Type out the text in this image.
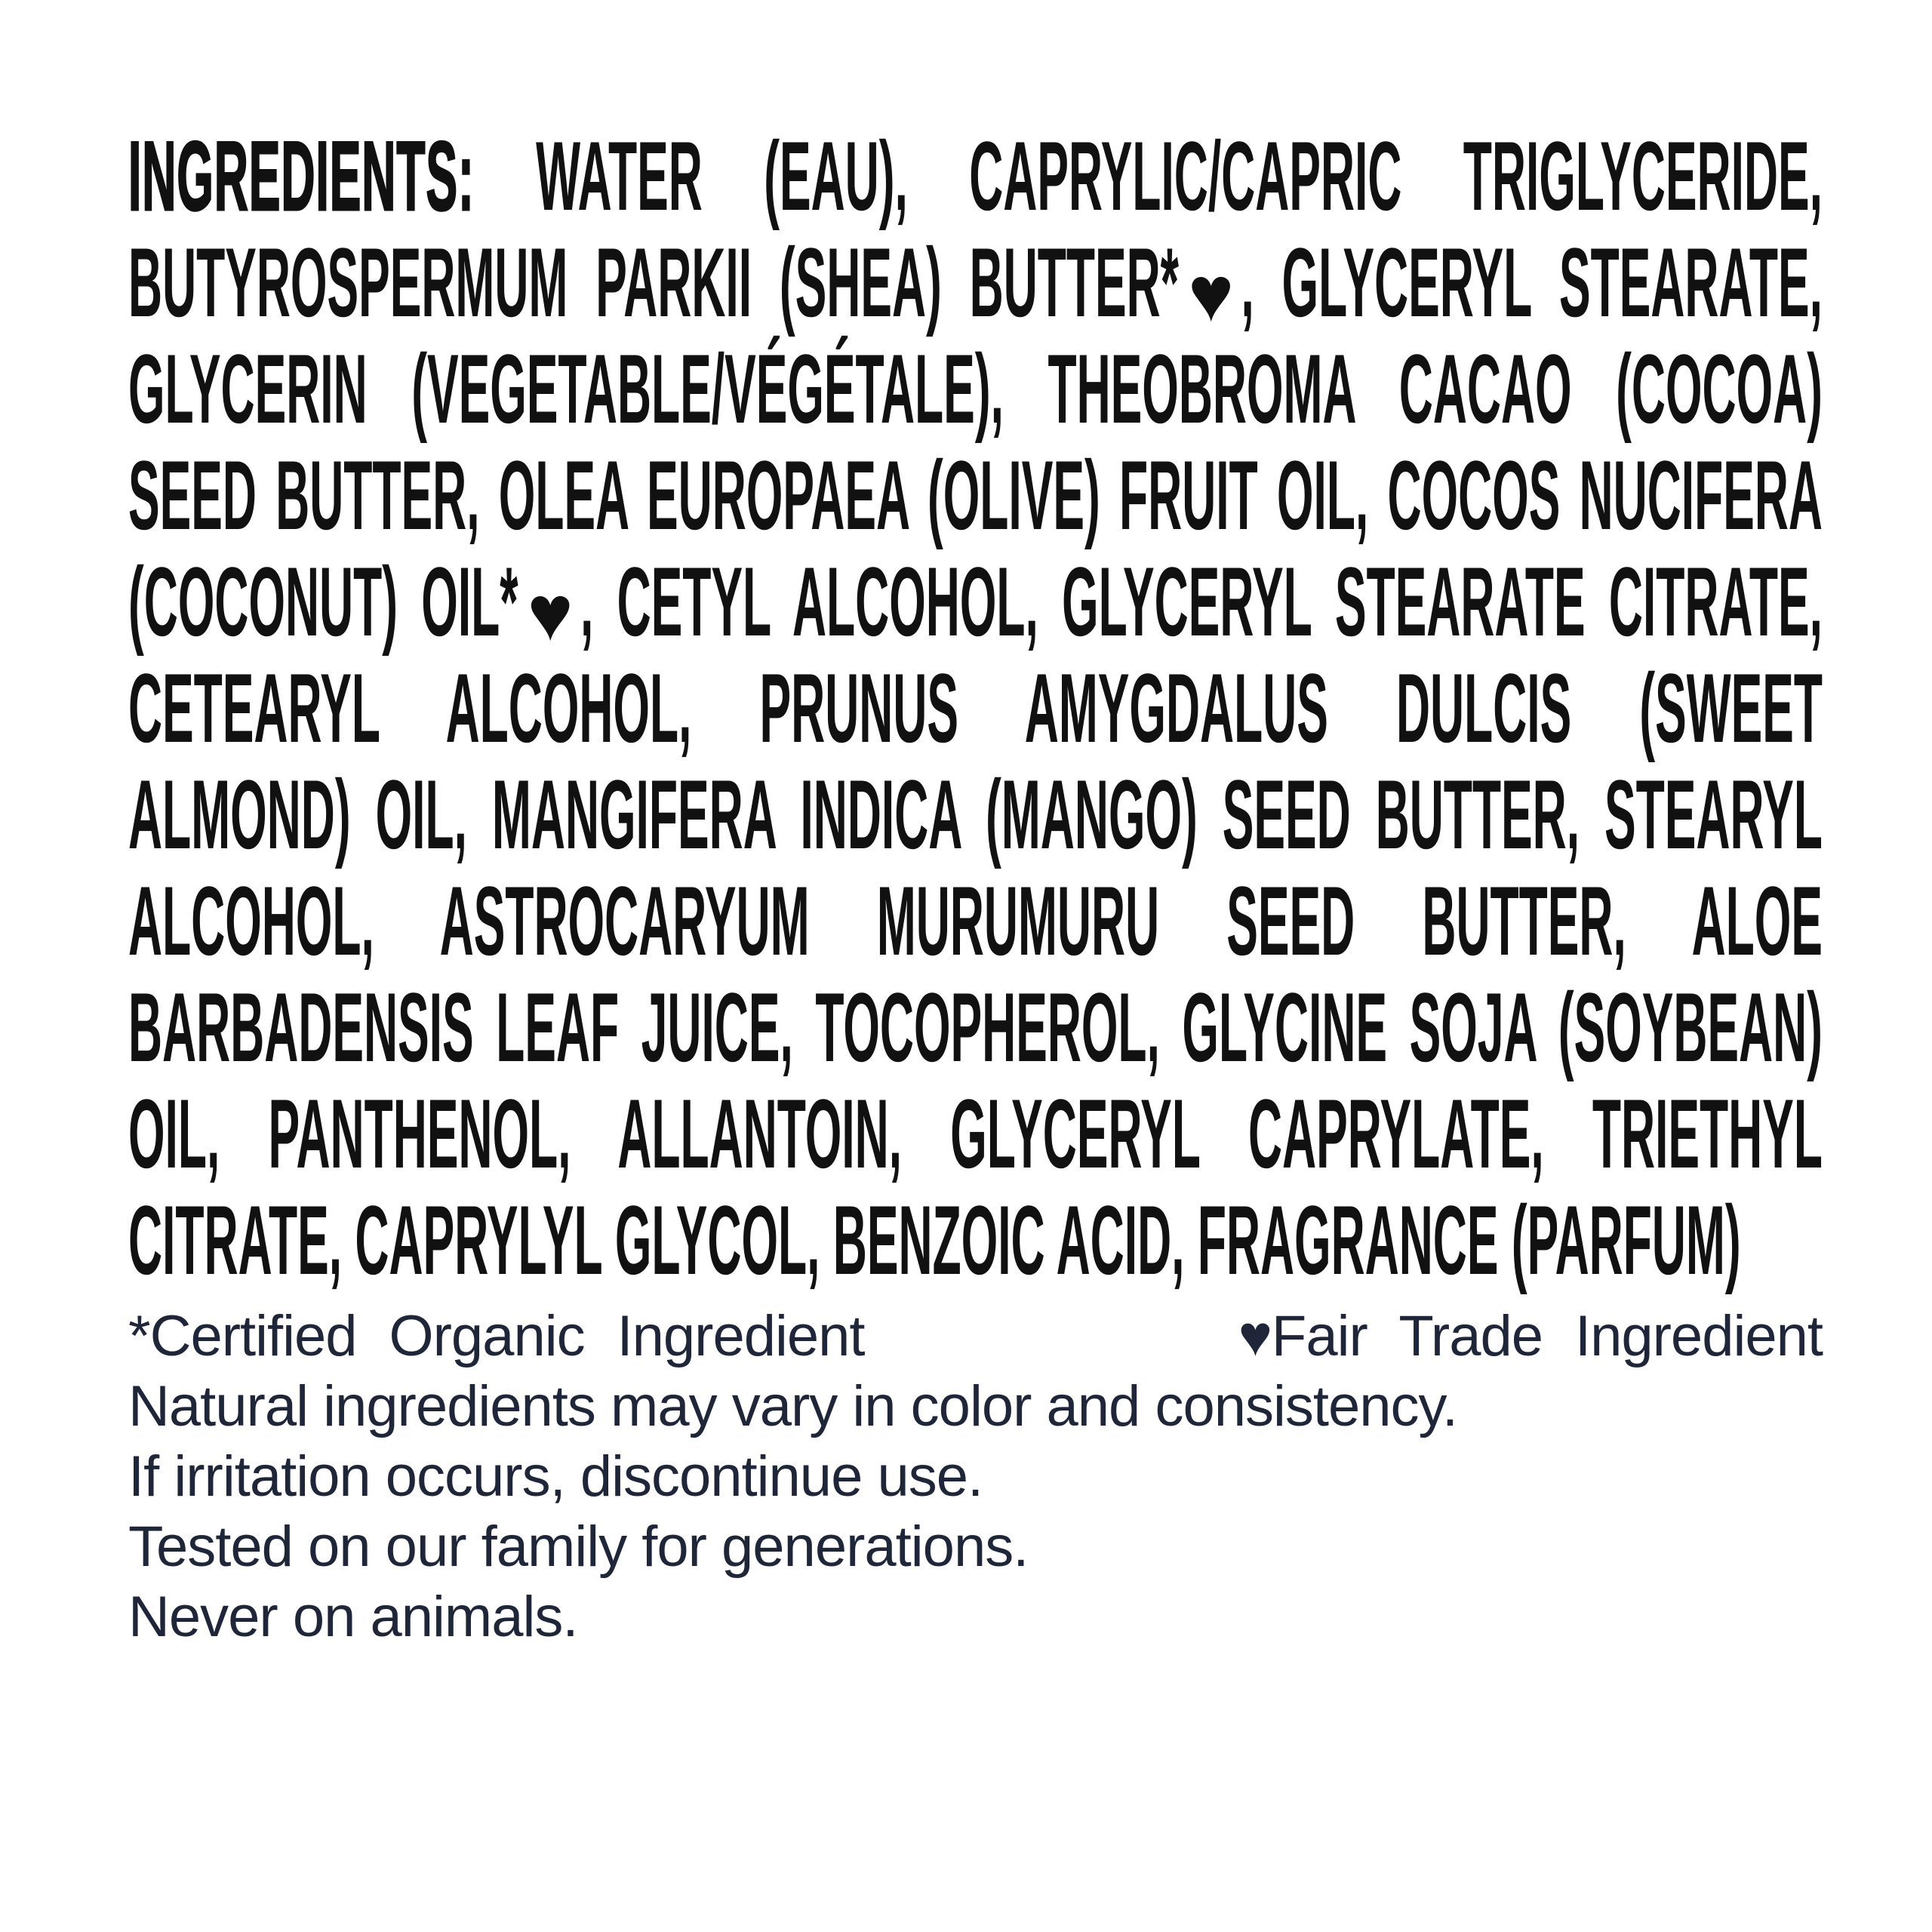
INGREDIENTS: WATER (EAU), CAPRYLIC/CAPRIC TRIGLYCERIDE,
BUTYROSPERMUM PARKII (SHEA) BUTTER* ♥, GLYCERYL STEARATE,
GLYCERIN (VEGETABLE/VÉGÉTALE), THEOBROMA CACAO (COCOA)
SEED BUTTER, OLEA EUROPAEA (OLIVE) FRUIT OIL, COCOS NUCIFERA
(COCONUT) OIL* ♥, CETYL ALCOHOL, GLYCERYL STEARATE CITRATE,
CETEARYL ALCOHOL, PRUNUS AMYGDALUS DULCIS (SWEET
ALMOND) OIL, MANGIFERA INDICA (MANGO) SEED BUTTER, STEARYL
ALCOHOL, ASTROCARYUM MURUMURU SEED BUTTER, ALOE
BARBADENSIS LEAF JUICE, TOCOPHEROL, GLYCINE SOJA (SOYBEAN)
OIL, PANTHENOL, ALLANTOIN, GLYCERYL CAPRYLATE, TRIETHYL
CITRATE, CAPRYLYL GLYCOL, BENZOIC ACID, FRAGRANCE (PARFUM)
*Certified Organic Ingredient	♥Fair Trade Ingredient
Natural ingredients may vary in color and consistency.
If irritation occurs, discontinue use.
Tested on our family for generations.
Never on animals.
